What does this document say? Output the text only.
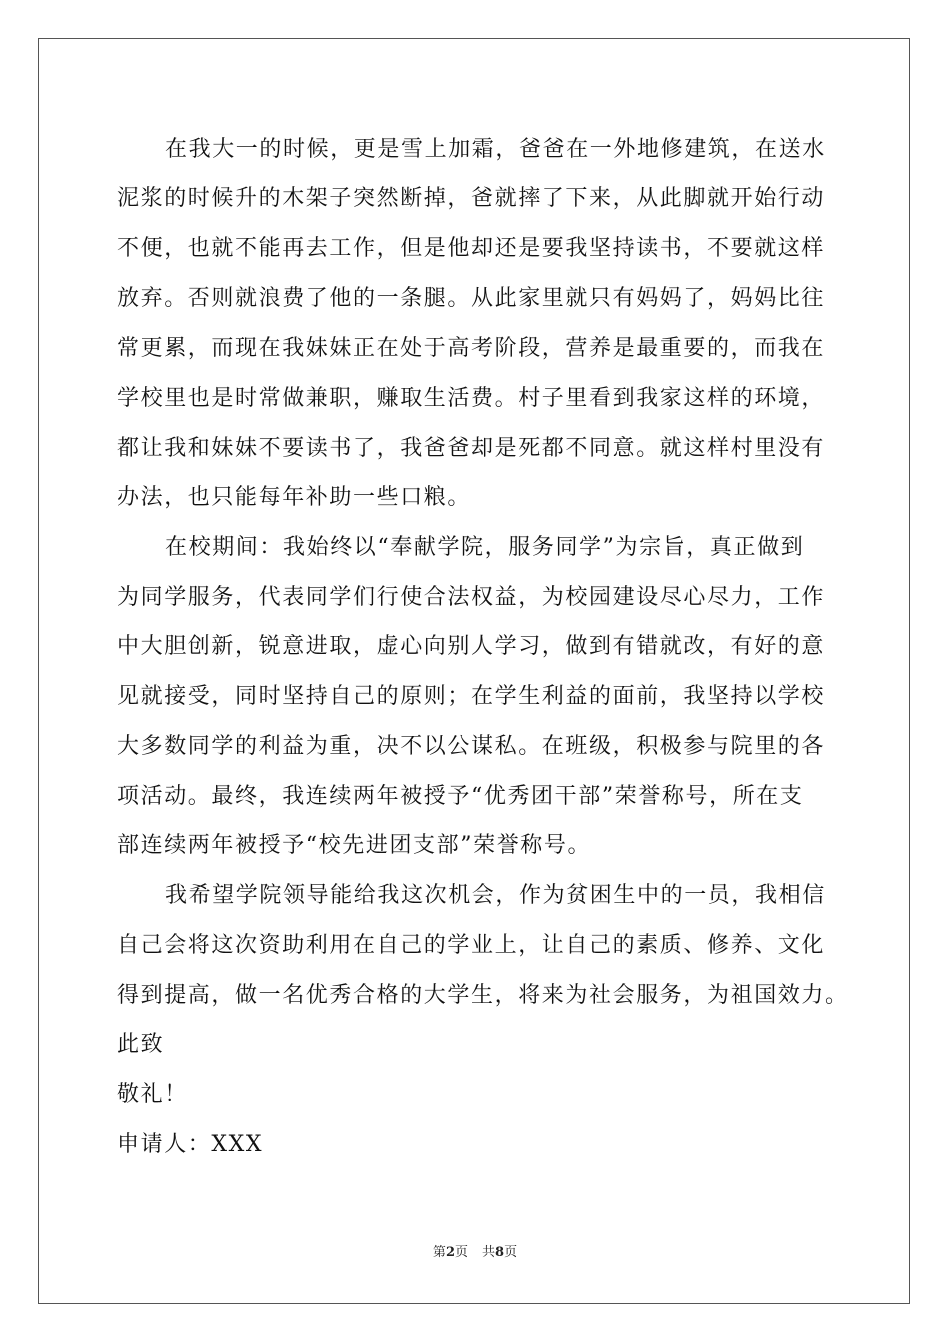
在我大一的时候，更是雪上加霜，爸爸在一外地修建筑，在送水
泥浆的时候升的木架子突然断掉，爸就摔了下来，从此脚就开始行动
不便，也就不能再去工作，但是他却还是要我坚持读书，不要就这样
放弃。否则就浪费了他的一条腿。从此家里就只有妈妈了，妈妈比往
常更累，而现在我妹妹正在处于高考阶段，营养是最重要的，而我在
学校里也是时常做兼职，赚取生活费。村子里看到我家这样的环境，
都让我和妹妹不要读书了，我爸爸却是死都不同意。就这样村里没有
办法，也只能每年补助一些口粮。
在校期间：我始终以“奉献学院，服务同学”为宗旨，真正做到
为同学服务，代表同学们行使合法权益，为校园建设尽心尽力，工作
中大胆创新，锐意进取，虚心向别人学习，做到有错就改，有好的意
见就接受，同时坚持自己的原则；在学生利益的面前，我坚持以学校
大多数同学的利益为重，决不以公谋私。在班级，积极参与院里的各
项活动。最终，我连续两年被授予“优秀团干部”荣誉称号，所在支
部连续两年被授予“校先进团支部”荣誉称号。
我希望学院领导能给我这次机会，作为贫困生中的一员，我相信
自己会将这次资助利用在自己的学业上，让自己的素质、修养、文化
得到提高，做一名优秀合格的大学生，将来为社会服务，为祖国效力。
此致
敬礼！
申请人：XXX
第2页 共8页
